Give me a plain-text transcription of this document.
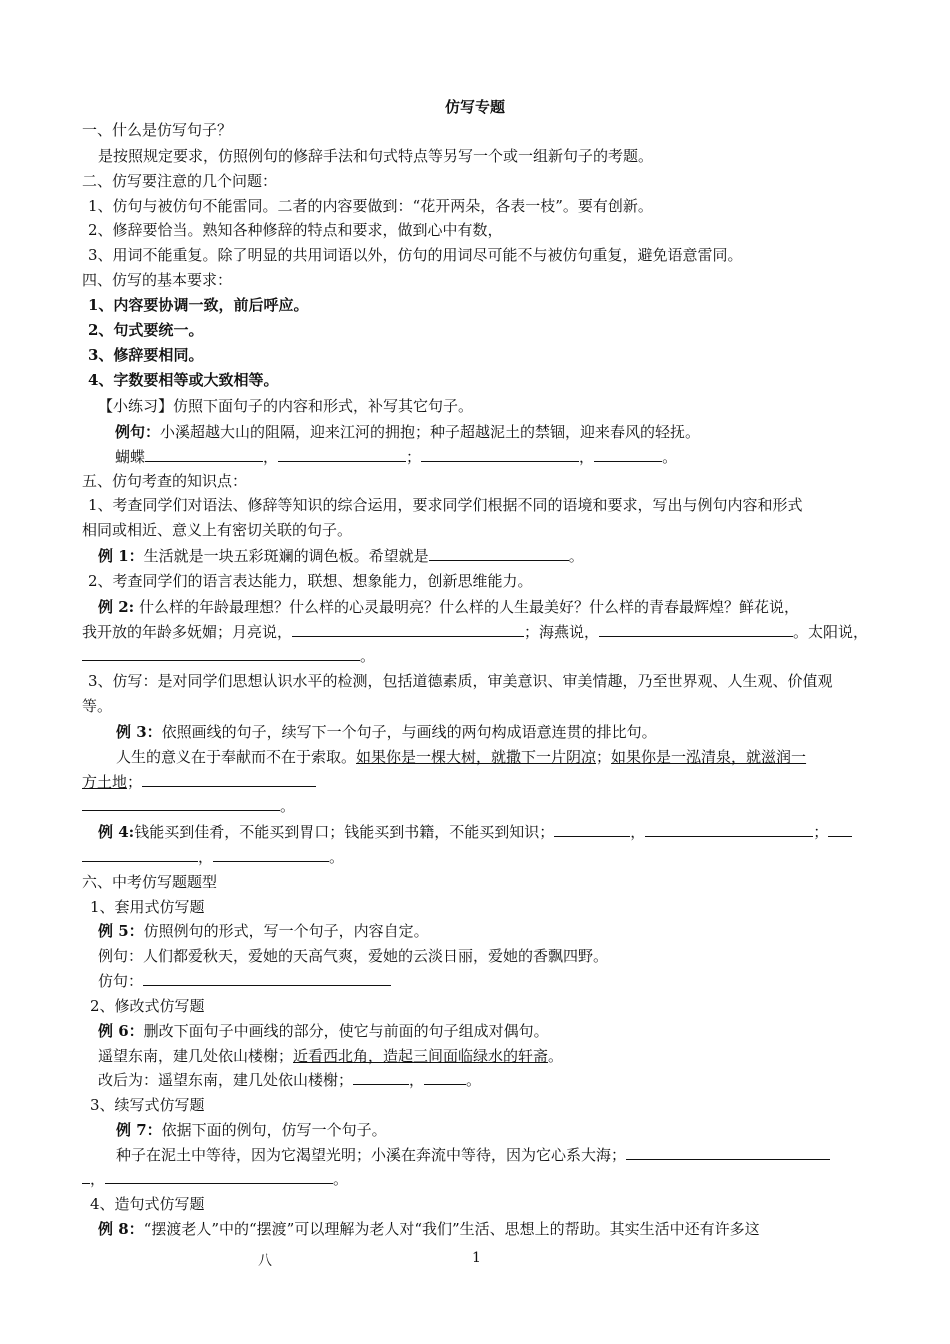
仿写专题
一、什么是仿写句子？
是按照规定要求，仿照例句的修辞手法和句式特点等另写一个或一组新句子的考题。
二、仿写要注意的几个问题：
1、仿句与被仿句不能雷同。二者的内容要做到：“花开两朵，各表一枝”。要有创新。
2、修辞要恰当。熟知各种修辞的特点和要求，做到心中有数，
3、用词不能重复。除了明显的共用词语以外，仿句的用词尽可能不与被仿句重复，避免语意雷同。
四、仿写的基本要求：
1、内容要协调一致，前后呼应。
2、句式要统一。
3、修辞要相同。
4、字数要相等或大致相等。
【小练习】仿照下面句子的内容和形式，补写其它句子。
例句：小溪超越大山的阻隔，迎来江河的拥抱；种子超越泥土的禁锢，迎来春风的轻抚。
蝴蝶	，	；	，	。
五、仿句考查的知识点：
1、考查同学们对语法、修辞等知识的综合运用，要求同学们根据不同的语境和要求，写出与例句内容和形式
相同或相近、意义上有密切关联的句子。
例 1：生活就是一块五彩斑斓的调色板。希望就是	。
2、考查同学们的语言表达能力，联想、想象能力，创新思维能力。
例 2: 什么样的年龄最理想？什么样的心灵最明亮？什么样的人生最美好？什么样的青春最辉煌？鲜花说，
我开放的年龄多妩媚；月亮说，	；海燕说，	。太阳说，
。
3、仿写：是对同学们思想认识水平的检测，包括道德素质，审美意识、审美情趣，乃至世界观、人生观、价值观
等。
例 3：依照画线的句子，续写下一个句子，与画线的两句构成语意连贯的排比句。
人生的意义在于奉献而不在于索取。如果你是一棵大树，就撒下一片阴凉；如果你是一泓清泉，就滋润一
方土地；
。
例 4:钱能买到佳肴，不能买到胃口；钱能买到书籍，不能买到知识；	，	；
，	。
六、中考仿写题题型
1、套用式仿写题
例 5：仿照例句的形式，写一个句子，内容自定。
例句：人们都爱秋天，爱她的天高气爽，爱她的云淡日丽，爱她的香飘四野。
仿句：
2、修改式仿写题
例 6：删改下面句子中画线的部分，使它与前面的句子组成对偶句。
遥望东南，建几处依山楼榭；近看西北角，造起三间面临绿水的轩斋。
改后为：遥望东南，建几处依山楼榭；	，	。
3、续写式仿写题
例 7：依据下面的例句，仿写一个句子。
种子在泥土中等待，因为它渴望光明；小溪在奔流中等待，因为它心系大海；
，	。
4、造句式仿写题
例 8：“摆渡老人”中的“摆渡”可以理解为老人对“我们”生活、思想上的帮助。其实生活中还有许多这
八	1
